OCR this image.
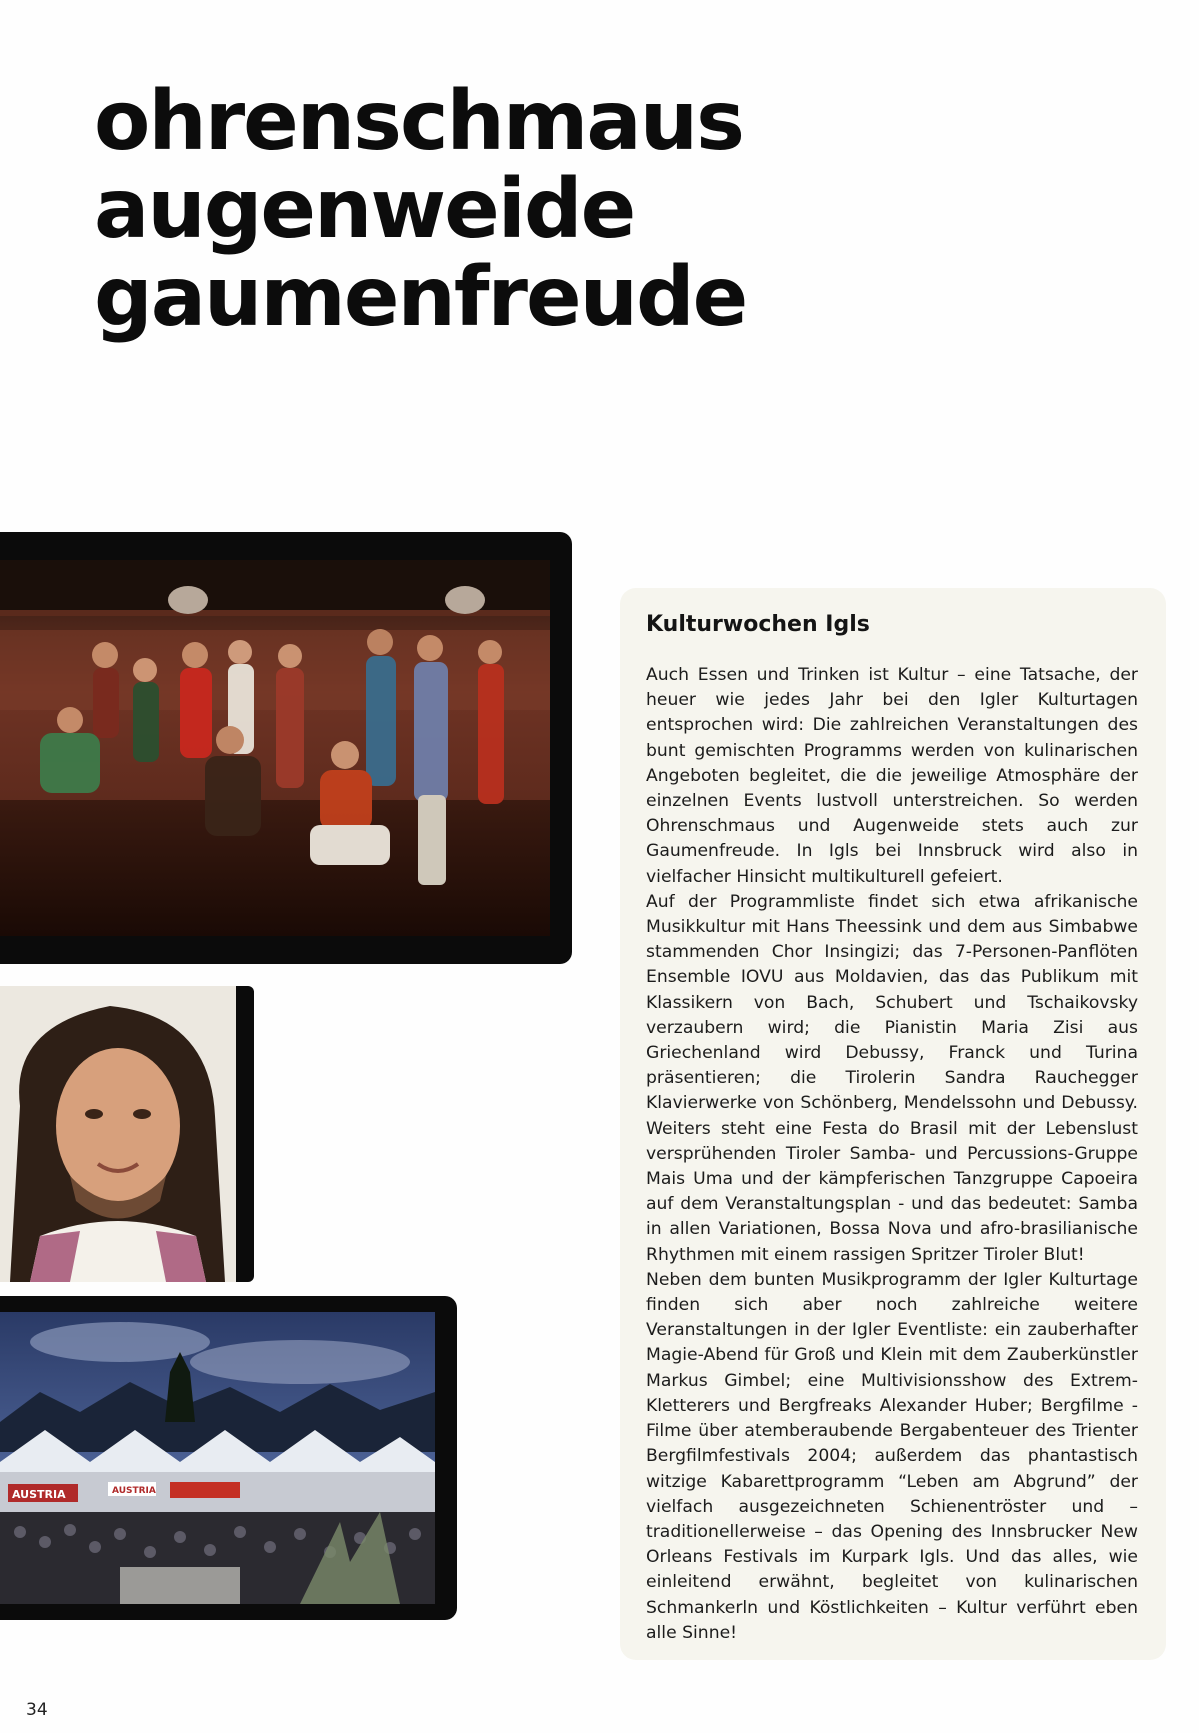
ohrenschmaus
augenweide
gaumenfreude
AUSTRIA	AUSTRIA
Kulturwochen Igls

Auch Essen und Trinken ist Kultur – eine Tatsache, der heuer wie jedes Jahr bei den Igler Kulturtagen entsprochen wird: Die zahlreichen Veranstaltungen des bunt gemischten Programms werden von kulinarischen Angeboten begleitet, die die jeweilige Atmosphäre der einzelnen Events lustvoll unterstreichen. So werden Ohrenschmaus und Augenweide stets auch zur Gaumenfreude. In Igls bei Innsbruck wird also in vielfacher Hinsicht multikulturell gefeiert.

Auf der Programmliste findet sich etwa afrikanische Musikkultur mit Hans Theessink und dem aus Simbabwe stammenden Chor Insingizi; das 7-Personen-Panflöten Ensemble IOVU aus Moldavien, das das Publikum mit Klassikern von Bach, Schubert und Tschaikovsky verzaubern wird; die Pianistin Maria Zisi aus Griechenland wird Debussy, Franck und Turina präsentieren; die Tirolerin Sandra Rauchegger Klavierwerke von Schönberg, Mendelssohn und Debussy. Weiters steht eine Festa do Brasil mit der Lebenslust versprühenden Tiroler Samba- und Percussions-Gruppe Mais Uma und der kämpferischen Tanzgruppe Capoeira auf dem Veranstaltungsplan - und das bedeutet: Samba in allen Variationen, Bossa Nova und afro-brasilianische Rhythmen mit einem rassigen Spritzer Tiroler Blut!

Neben dem bunten Musikprogramm der Igler Kulturtage finden sich aber noch zahlreiche weitere Veranstaltungen in der Igler Eventliste: ein zauberhafter Magie-Abend für Groß und Klein mit dem Zauberkünstler Markus Gimbel; eine Multivisionsshow des Extrem-Kletterers und Bergfreaks Alexander Huber; Bergfilme - Filme über atemberaubende Bergabenteuer des Trienter Bergfilmfestivals 2004; außerdem das phantastisch witzige Kabarettprogramm “Leben am Abgrund” der vielfach ausgezeichneten Schienentröster und – traditionellerweise – das Opening des Innsbrucker New Orleans Festivals im Kurpark Igls. Und das alles, wie einleitend erwähnt, begleitet von kulinarischen Schmankerln und Köstlichkeiten – Kultur verführt eben alle Sinne!

34
